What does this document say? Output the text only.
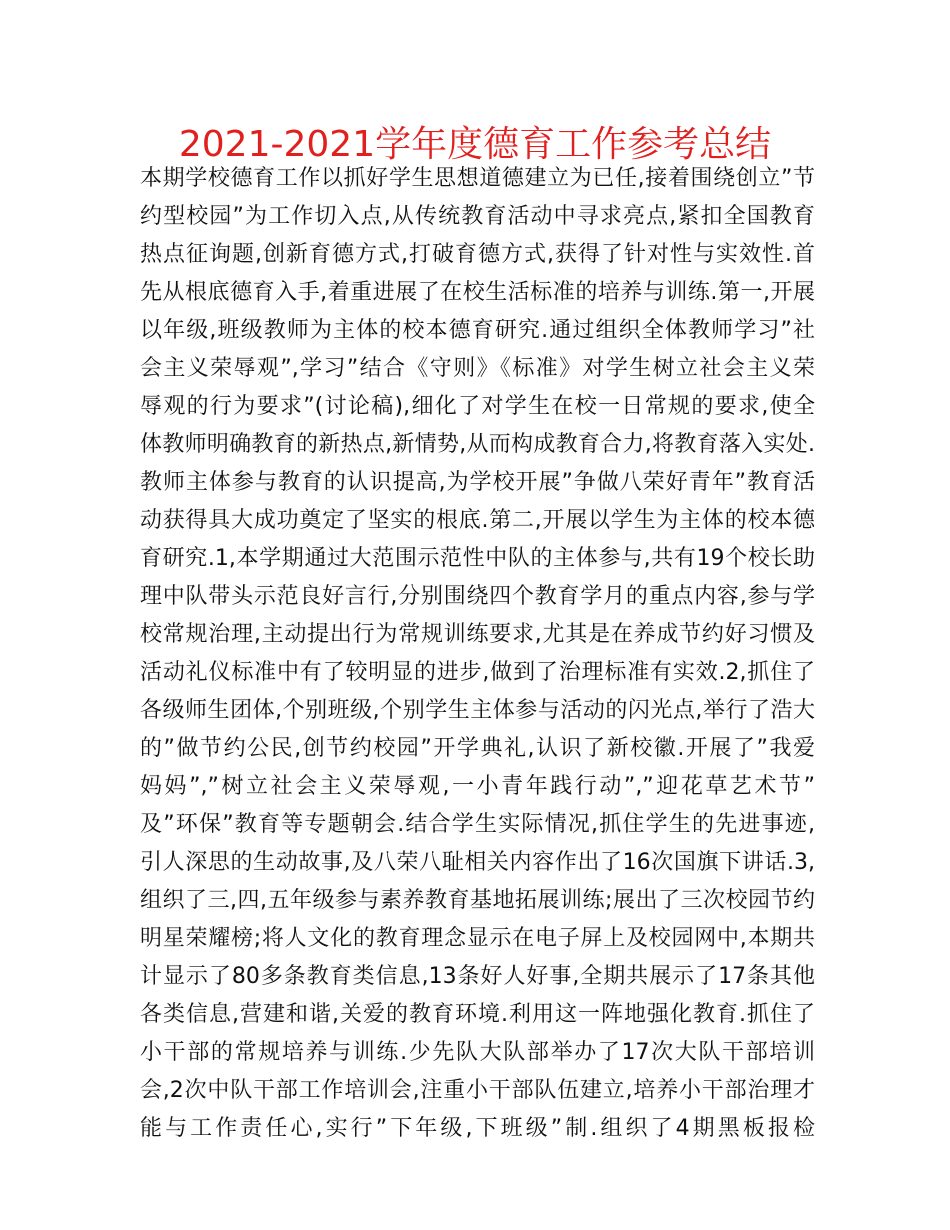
2021-2021学年度德育工作参考总结
本期学校德育工作以抓好学生思想道德建立为已任,接着围绕创立”节
约型校园”为工作切入点,从传统教育活动中寻求亮点,紧扣全国教育
热点征询题,创新育德方式,打破育德方式,获得了针对性与实效性.首
先从根底德育入手,着重进展了在校生活标准的培养与训练.第一,开展
以年级,班级教师为主体的校本德育研究.通过组织全体教师学习”社
会主义荣辱观”,学习”结合《守则》《标准》对学生树立社会主义荣
辱观的行为要求”(讨论稿),细化了对学生在校一日常规的要求,使全
体教师明确教育的新热点,新情势,从而构成教育合力,将教育落入实处.
教师主体参与教育的认识提高,为学校开展”争做八荣好青年”教育活
动获得具大成功奠定了坚实的根底.第二,开展以学生为主体的校本德
育研究.1,本学期通过大范围示范性中队的主体参与,共有19个校长助
理中队带头示范良好言行,分别围绕四个教育学月的重点内容,参与学
校常规治理,主动提出行为常规训练要求,尤其是在养成节约好习惯及
活动礼仪标准中有了较明显的进步,做到了治理标准有实效.2,抓住了
各级师生团体,个别班级,个别学生主体参与活动的闪光点,举行了浩大
的”做节约公民,创节约校园”开学典礼,认识了新校徽.开展了”我爱
妈妈”,”树立社会主义荣辱观,一小青年践行动”,”迎花草艺术节”
及”环保”教育等专题朝会.结合学生实际情况,抓住学生的先进事迹,
引人深思的生动故事,及八荣八耻相关内容作出了16次国旗下讲话.3,
组织了三,四,五年级参与素养教育基地拓展训练;展出了三次校园节约
明星荣耀榜;将人文化的教育理念显示在电子屏上及校园网中,本期共
计显示了80多条教育类信息,13条好人好事,全期共展示了17条其他
各类信息,营建和谐,关爱的教育环境.利用这一阵地强化教育.抓住了
小干部的常规培养与训练.少先队大队部举办了17次大队干部培训
会,2次中队干部工作培训会,注重小干部队伍建立,培养小干部治理才
能与工作责任心,实行”下年级,下班级”制.组织了4期黑板报检
